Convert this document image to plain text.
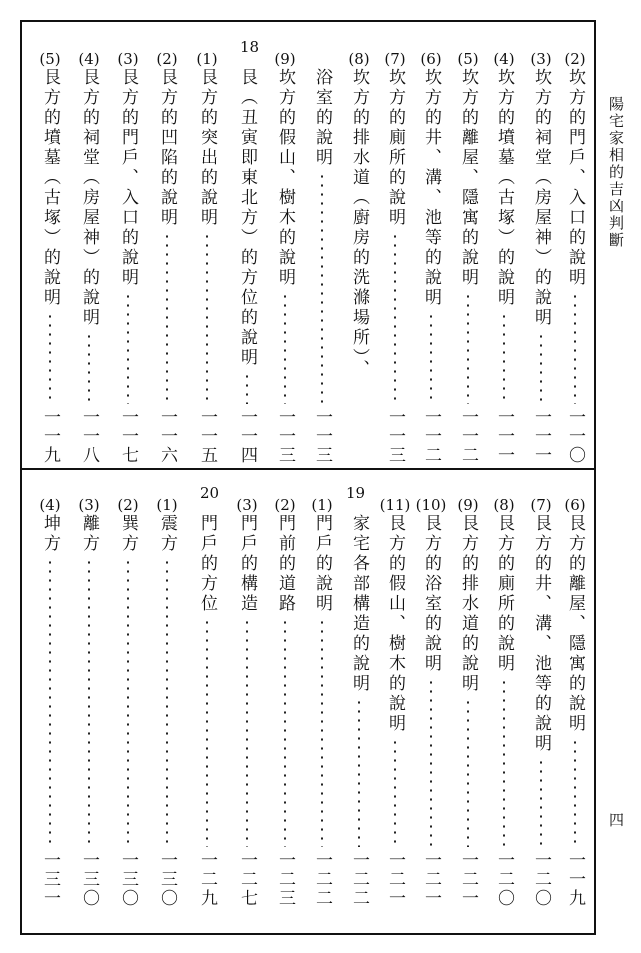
陽宅家相的吉凶判斷
四
18
19
20
(2)
坎方的門戶、入口的說明
一一〇
(3)
坎方的祠堂（房屋神）的說明
一一一
(4)
坎方的墳墓（古塚）的說明
一一一
(5)
坎方的離屋、隱寓的說明
一一二
(6)
坎方的井、溝、池等的說明
一一二
(7)
坎方的廁所的說明
一一三
(8)
坎方的排水道（廚房的洗滌場所）、
浴室的說明
一一三
(9)
坎方的假山、樹木的說明
一一三
艮（丑寅即東北方）的方位的說明
一一四
(1)
艮方的突出的說明
一一五
(2)
艮方的凹陷的說明
一一六
(3)
艮方的門戶、入口的說明
一一七
(4)
艮方的祠堂（房屋神）的說明
一一八
(5)
艮方的墳墓（古塚）的說明
一一九
(6)
艮方的離屋、隱寓的說明
一一九
(7)
艮方的井、溝、池等的說明
一二〇
(8)
艮方的廁所的說明
一二〇
(9)
艮方的排水道的說明
一二一
(10)
艮方的浴室的說明
一二一
(11)
艮方的假山、樹木的說明
一二一
家宅各部構造的說明
一二二
(1)
門戶的說明
一二二
(2)
門前的道路
一二三
(3)
門戶的構造
一二七
門戶的方位
一二九
(1)
震方
一三〇
(2)
巽方
一三〇
(3)
離方
一三〇
(4)
坤方
一三一
